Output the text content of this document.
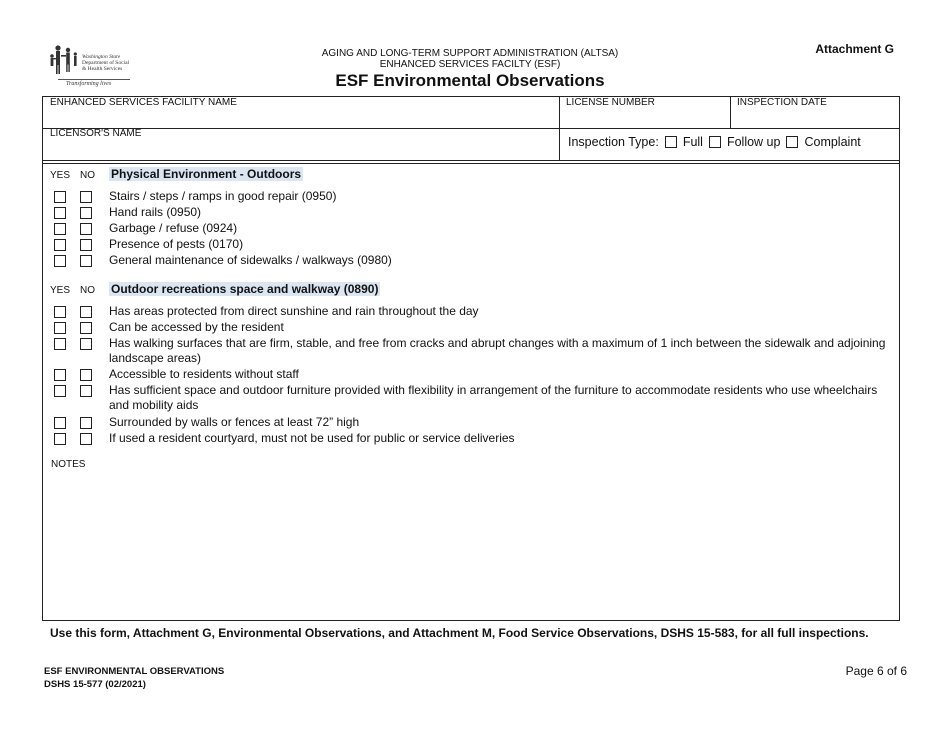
Washington State
Department of Social
& Health Services
Transforming lives
AGING AND LONG-TERM SUPPORT ADMINISTRATION (ALTSA)
ENHANCED SERVICES FACILTY (ESF)
ESF Environmental Observations
Attachment G
ENHANCED SERVICES FACILITY NAME	LICENSE NUMBER	INSPECTION DATE
LICENSOR'S NAME
Inspection Type: Full Follow up Complaint
YES NO Physical Environment - Outdoors
Stairs / steps / ramps in good repair (0950)
Hand rails (0950)
Garbage / refuse (0924)
Presence of pests (0170)
General maintenance of sidewalks / walkways (0980)
YES NO Outdoor recreations space and walkway (0890)
Has areas protected from direct sunshine and rain throughout the day
Can be accessed by the resident
Has walking surfaces that are firm, stable, and free from cracks and abrupt changes with a maximum of 1 inch between the sidewalk and adjoining landscape areas)
Accessible to residents without staff
Has sufficient space and outdoor furniture provided with flexibility in arrangement of the furniture to accommodate residents who use wheelchairs and mobility aids
Surrounded by walls or fences at least 72” high
If used a resident courtyard, must not be used for public or service deliveries
NOTES
Use this form, Attachment G, Environmental Observations, and Attachment M, Food Service Observations, DSHS 15-583, for all full inspections.
ESF ENVIRONMENTAL OBSERVATIONS
DSHS 15-577 (02/2021)
Page 6 of 6
